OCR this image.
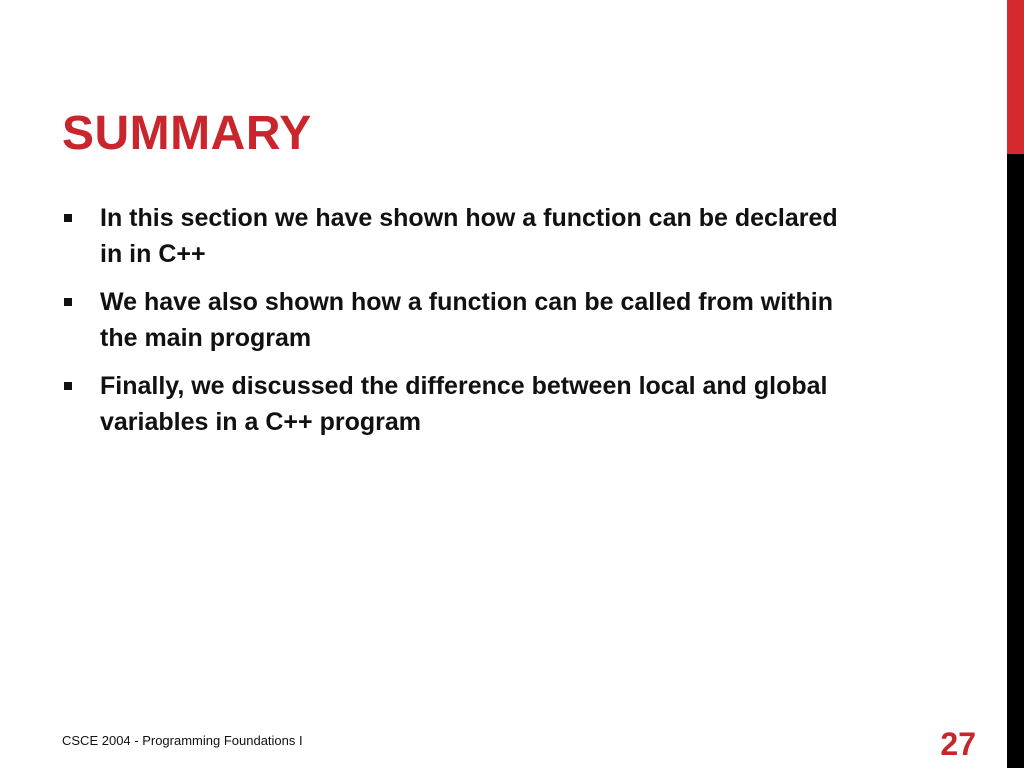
SUMMARY
In this section we have shown how a function can be declared in in C++
We have also shown how a function can be called from within the main program
Finally, we discussed the difference between local and global variables in a C++ program
CSCE 2004 - Programming Foundations I	27
